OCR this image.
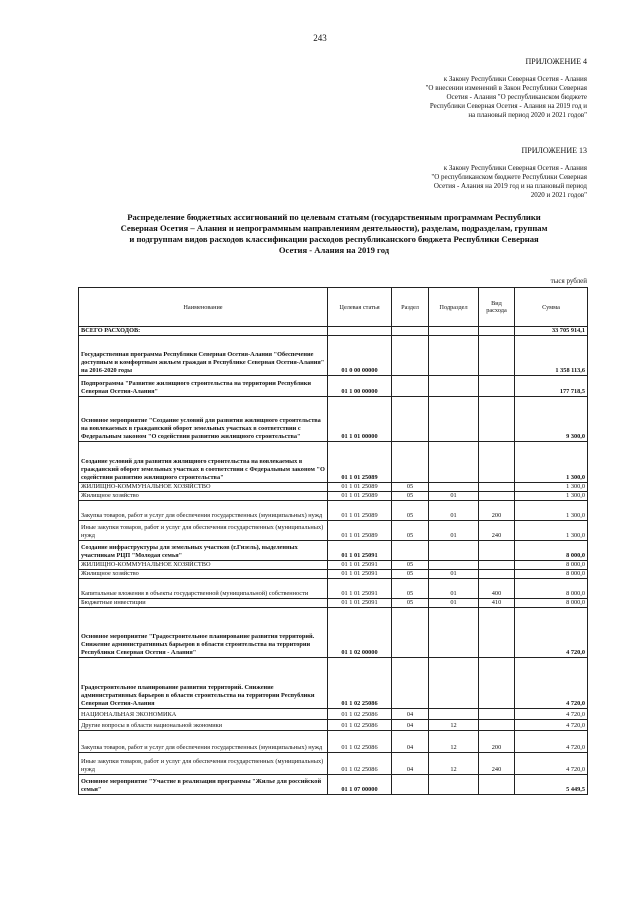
243
ПРИЛОЖЕНИЕ 4
к Закону Республики Северная Осетия - Алания
"О внесении изменений в Закон Республики Северная
Осетия - Алания "О республиканском бюджете
Республики Северная Осетия - Алания на 2019 год и
на плановый период 2020 и 2021 годов"
ПРИЛОЖЕНИЕ 13
к Закону Республики Северная Осетия - Алания
"О республиканском бюджете Республики Северная
Осетия - Алания на 2019 год и на плановый период
2020 и 2021 годов"
Распределение бюджетных ассигнований по целевым статьям (государственным программам Республики
Северная Осетия – Алания и непрограммным направлениям деятельности), разделам, подразделам, группам
и подгруппам видов расходов классификации расходов республиканского бюджета Республики Северная
Осетия - Алания на 2019 год
тыся рублей
Наименование	Целевая статья	Раздел	Подраздел	Вид расхода	Сумма
ВСЕГО РАСХОДОВ:					33 705 914,1
Государственная программа Республики Северная Осетия-Алания "Обеспечение доступным и комфортным жильем граждан в Республике Северная Осетия-Алания" на 2016-2020 годы	01 0 00 00000				1 358 113,6
Подпрограмма "Развитие жилищного строительства на территории Республики Северная Осетия-Алания"	01 1 00 00000				177 718,5
Основное мероприятие "Создание условий для развития жилищного строительства на вовлекаемых в гражданский оборот земельных участках в соответствии с Федеральным законом "О содействии развитию жилищного строительства"	01 1 01 00000				9 300,0
Создание условий для развития жилищного строительства на вовлекаемых в гражданский оборот земельных участках в соответствии с Федеральным законом "О содействии развитию жилищного строительства"	01 1 01 25089				1 300,0
ЖИЛИЩНО-КОММУНАЛЬНОЕ ХОЗЯЙСТВО	01 1 01 25089	05			1 300,0
Жилищное хозяйство	01 1 01 25089	05	01		1 300,0
Закупка товаров, работ и услуг для обеспечения государственных (муниципальных) нужд	01 1 01 25089	05	01	200	1 300,0
Иные закупки товаров, работ и услуг для обеспечения государственных (муниципальных) нужд	01 1 01 25089	05	01	240	1 300,0
Создание инфраструктуры для земельных участков (г.Гизель), выделенных участникам РЦП "Молодая семья"	01 1 01 25091				8 000,0
ЖИЛИЩНО-КОММУНАЛЬНОЕ ХОЗЯЙСТВО	01 1 01 25091	05			8 000,0
Жилищное хозяйство	01 1 01 25091	05	01		8 000,0
Капитальные вложения в объекты государственной (муниципальной) собственности	01 1 01 25091	05	01	400	8 000,0
Бюджетные инвестиции	01 1 01 25091	05	01	410	8 000,0
Основное мероприятие "Градостроительное планирование развития территорий. Снижение административных барьеров в области строительства на территории Республики Северная Осетия - Алания"	01 1 02 00000				4 720,0
Градостроительное планирование развития территорий. Снижение административных барьеров в области строительства на территории Республики Северная Осетия-Алания	01 1 02 25086				4 720,0
НАЦИОНАЛЬНАЯ ЭКОНОМИКА	01 1 02 25086	04			4 720,0
Другие вопросы в области национальной экономики	01 1 02 25086	04	12		4 720,0
Закупка товаров, работ и услуг для обеспечения государственных (муниципальных) нужд	01 1 02 25086	04	12	200	4 720,0
Иные закупки товаров, работ и услуг для обеспечения государственных (муниципальных) нужд	01 1 02 25086	04	12	240	4 720,0
Основное мероприятие "Участие в реализации программы "Жилье для российской семьи"	01 1 07 00000				5 449,5
